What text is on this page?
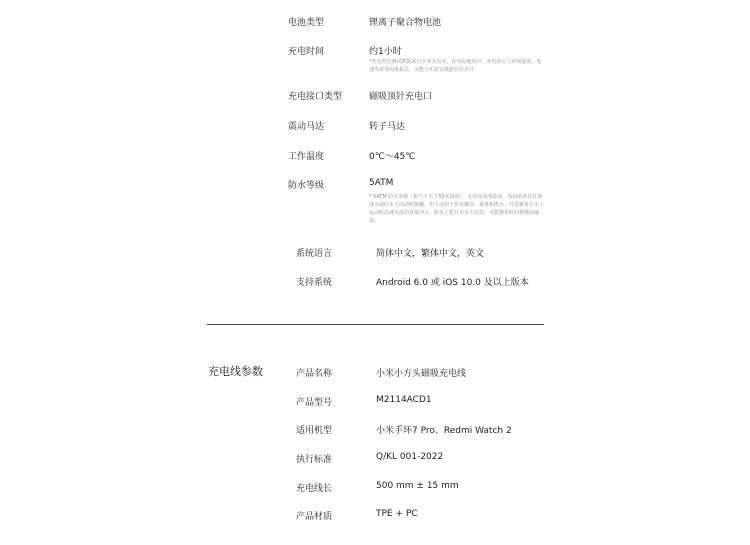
电池类型	锂离子聚合物电池
充电时间	约1小时
*充电时长测试数据来自小米实验室，在实际使用中，充电时长与环境温度、电池寿命等因素相关，可能与实验室数据有所差异。
充电接口类型	磁吸顶针充电口
震动马达	转子马达
工作温度	0℃～45℃
防水等级	5ATM
* 5ATM 防水等级（相当于水下50米深度），支持在泳池游泳、浅海游泳及其他浅水域的水上活动时佩戴。但不适用于热水淋浴、桑拿和潜水，并需避免在水上运动时高速水流的直接冲击；防水之能并非永久有效，可能随着时间推移而减弱。
系统语言	简体中文，繁体中文，英文
支持系统	Android 6.0 或 iOS 10.0 及以上版本
充电线参数	产品名称	小米小方头磁吸充电线
产品型号	M2114ACD1
适用机型	小米手环7 Pro、Redmi Watch 2
执行标准	Q/KL 001-2022
充电线长	500 mm ± 15 mm
产品材质	TPE + PC
